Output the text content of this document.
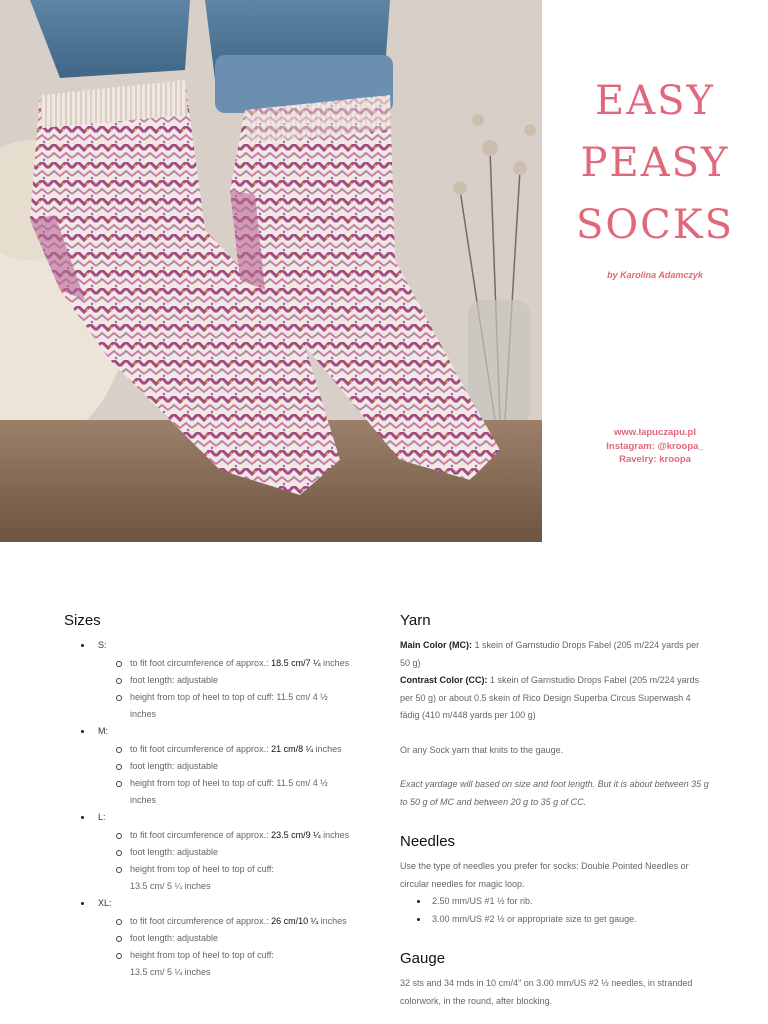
EASY
PEASY
SOCKS
by Karolina Adamczyk
www.lapuczapu.pl
Instagram: @kroopa_
Ravelry: kroopa
Sizes
S:
to fit foot circumference of approx.: 18.5 cm/7 ¼ inches
foot length: adjustable
height from top of heel to top of cuff: 11.5 cm/ 4 ½
inches
M:
to fit foot circumference of approx.: 21 cm/8 ¼ inches
foot length: adjustable
height from top of heel to top of cuff: 11.5 cm/ 4 ½
inches
L:
to fit foot circumference of approx.: 23.5 cm/9 ¼ inches
foot length: adjustable
height from top of heel to top of cuff:
13.5 cm/ 5 ¼ inches
XL:
to fit foot circumference of approx.: 26 cm/10 ¼ inches
foot length: adjustable
height from top of heel to top of cuff:
13.5 cm/ 5 ¼ inches
Yarn

Main Color (MC): 1 skein of Garnstudio Drops Fabel (205 m/224 yards per 50 g)

Contrast Color (CC): 1 skein of Garnstudio Drops Fabel (205 m/224 yards per 50 g) or about 0.5 skein of Rico Design Superba Circus Superwash 4 fädig (410 m/448 yards per 100 g)

Or any Sock yarn that knits to the gauge.

Exact yardage will based on size and foot length. But it is about between 35 g to 50 g of MC and between 20 g to 35 g of CC.

Needles

Use the type of needles you prefer for socks: Double Pointed Needles or circular needles for magic loop.

2.50 mm/US #1 ½ for rib.
3.00 mm/US #2 ½ or appropriate size to get gauge.
Gauge

32 sts and 34 rnds in 10 cm/4" on 3.00 mm/US #2 ½ needles, in stranded colorwork, in the round, after blocking.
